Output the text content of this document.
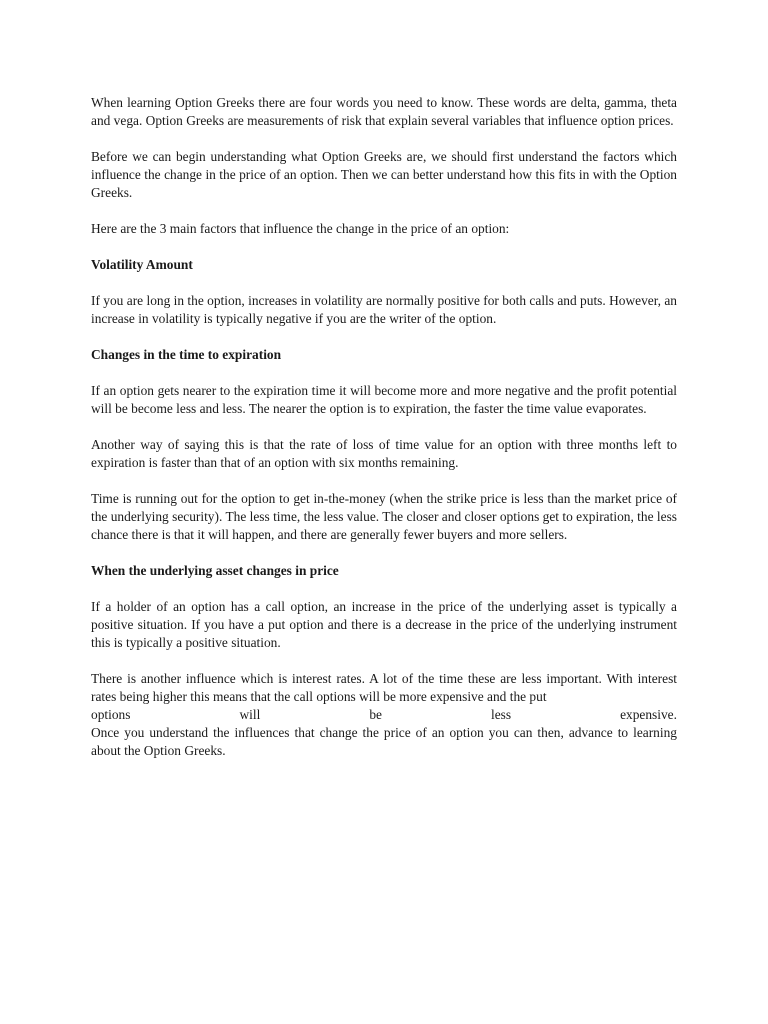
When learning Option Greeks there are four words you need to know. These words are delta, gamma, theta and vega. Option Greeks are measurements of risk that explain several variables that influence option prices.

Before we can begin understanding what Option Greeks are, we should first understand the factors which influence the change in the price of an option. Then we can better understand how this fits in with the Option Greeks.

Here are the 3 main factors that influence the change in the price of an option:

Volatility Amount

If you are long in the option, increases in volatility are normally positive for both calls and puts. However, an increase in volatility is typically negative if you are the writer of the option.

Changes in the time to expiration

If an option gets nearer to the expiration time it will become more and more negative and the profit potential will be become less and less. The nearer the option is to expiration, the faster the time value evaporates.

Another way of saying this is that the rate of loss of time value for an option with three months left to expiration is faster than that of an option with six months remaining.

Time is running out for the option to get in-the-money (when the strike price is less than the market price of the underlying security). The less time, the less value. The closer and closer options get to expiration, the less chance there is that it will happen, and there are generally fewer buyers and more sellers.

When the underlying asset changes in price

If a holder of an option has a call option, an increase in the price of the underlying asset is typically a positive situation. If you have a put option and there is a decrease in the price of the underlying instrument this is typically a positive situation.

There is another influence which is interest rates. A lot of the time these are less important. With interest rates being higher this means that the call options will be more expensive and the put

options	will	be	less	expensive.

Once you understand the influences that change the price of an option you can then, advance to learning about the Option Greeks.
